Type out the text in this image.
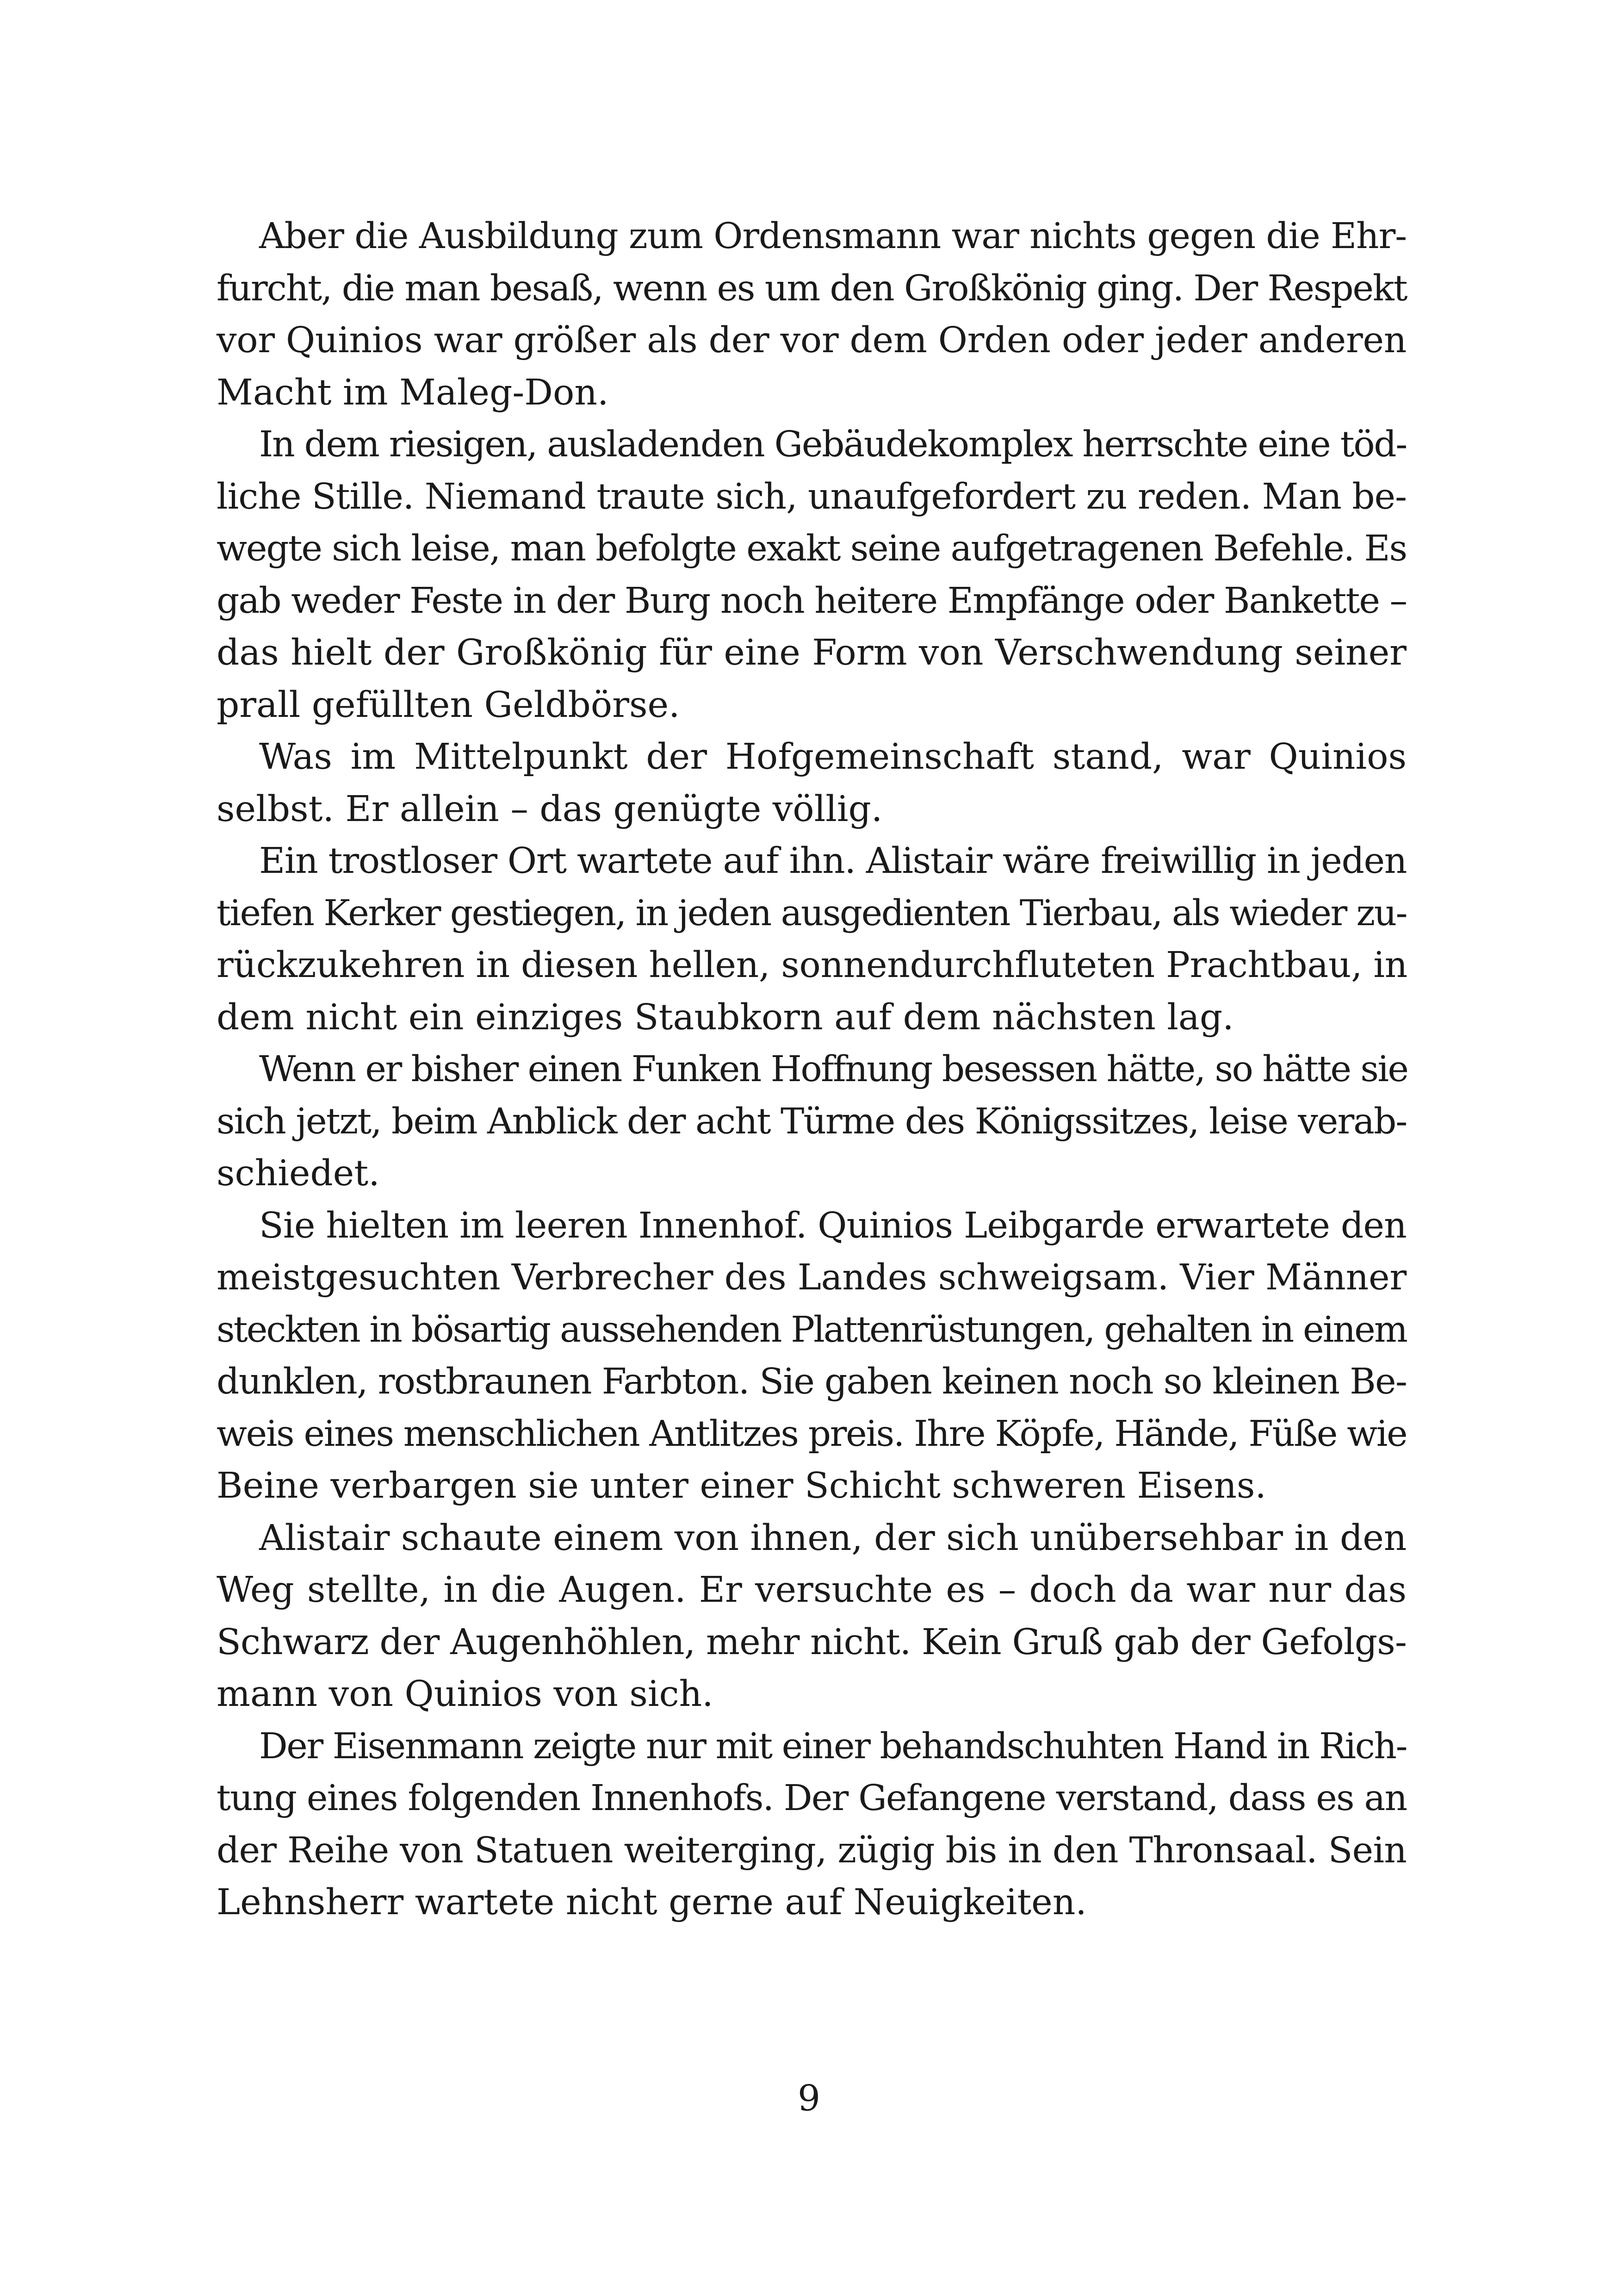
Aber die Ausbildung zum Ordensmann war nichts gegen die Ehr-
furcht, die man besaß, wenn es um den Großkönig ging. Der Respekt
vor Quinios war größer als der vor dem Orden oder jeder anderen
Macht im Maleg-Don.
In dem riesigen, ausladenden Gebäudekomplex herrschte eine töd-
liche Stille. Niemand traute sich, unaufgefordert zu reden. Man be-
wegte sich leise, man befolgte exakt seine aufgetragenen Befehle. Es
gab weder Feste in der Burg noch heitere Empfänge oder Bankette –
das hielt der Großkönig für eine Form von Verschwendung seiner
prall gefüllten Geldbörse.
Was im Mittelpunkt der Hofgemeinschaft stand, war Quinios
selbst. Er allein – das genügte völlig.
Ein trostloser Ort wartete auf ihn. Alistair wäre freiwillig in jeden
tiefen Kerker gestiegen, in jeden ausgedienten Tierbau, als wieder zu-
rückzukehren in diesen hellen, sonnendurchfluteten Prachtbau, in
dem nicht ein einziges Staubkorn auf dem nächsten lag.
Wenn er bisher einen Funken Hoffnung besessen hätte, so hätte sie
sich jetzt, beim Anblick der acht Türme des Königssitzes, leise verab-
schiedet.
Sie hielten im leeren Innenhof. Quinios Leibgarde erwartete den
meistgesuchten Verbrecher des Landes schweigsam. Vier Männer
steckten in bösartig aussehenden Plattenrüstungen, gehalten in einem
dunklen, rostbraunen Farbton. Sie gaben keinen noch so kleinen Be-
weis eines menschlichen Antlitzes preis. Ihre Köpfe, Hände, Füße wie
Beine verbargen sie unter einer Schicht schweren Eisens.
Alistair schaute einem von ihnen, der sich unübersehbar in den
Weg stellte, in die Augen. Er versuchte es – doch da war nur das
Schwarz der Augenhöhlen, mehr nicht. Kein Gruß gab der Gefolgs-
mann von Quinios von sich.
Der Eisenmann zeigte nur mit einer behandschuhten Hand in Rich-
tung eines folgenden Innenhofs. Der Gefangene verstand, dass es an
der Reihe von Statuen weiterging, zügig bis in den Thronsaal. Sein
Lehnsherr wartete nicht gerne auf Neuigkeiten.
9
